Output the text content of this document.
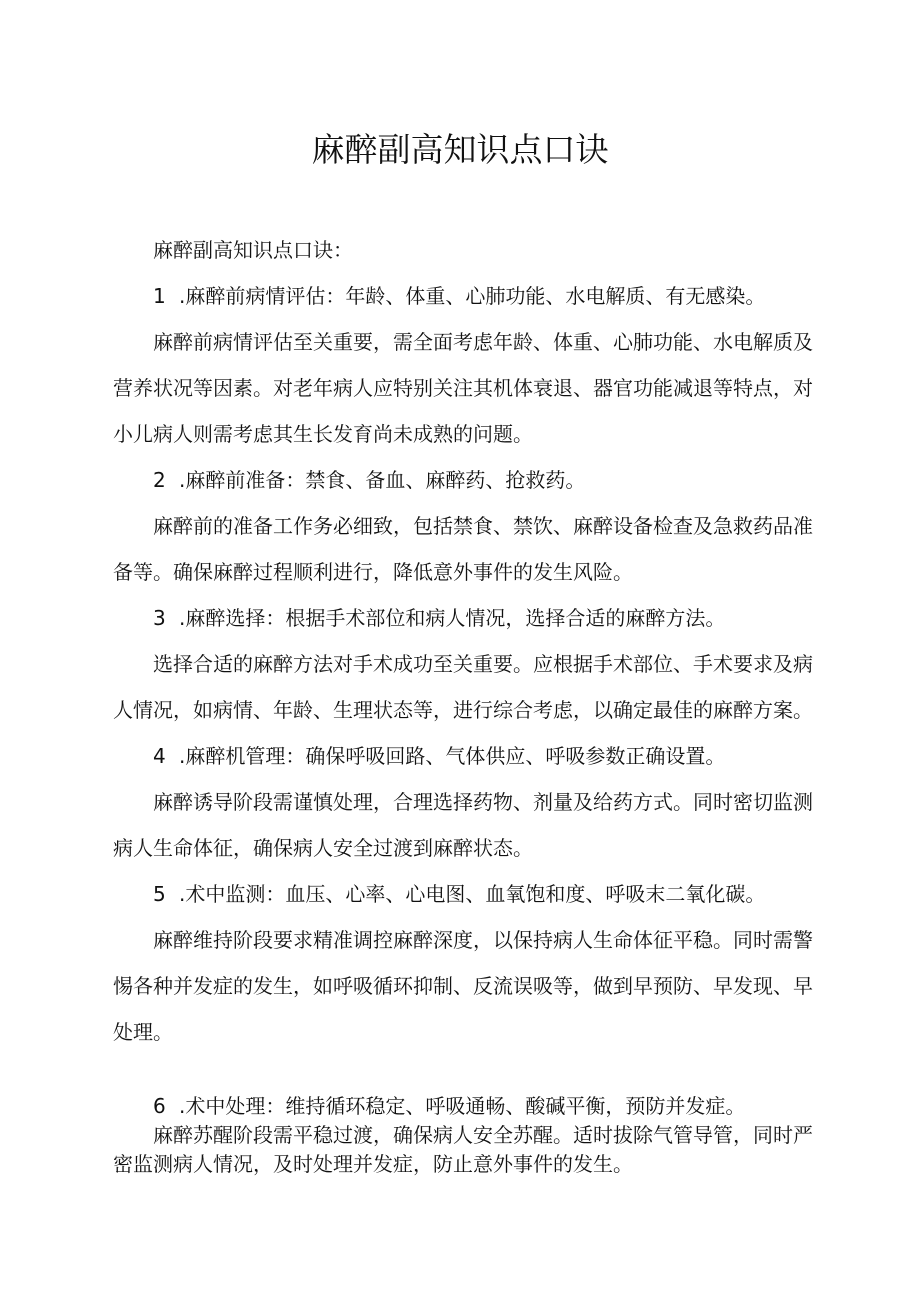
麻醉副高知识点口诀

麻醉副高知识点口诀：

1 .麻醉前病情评估：年龄、体重、心肺功能、水电解质、有无感染。

麻醉前病情评估至关重要，需全面考虑年龄、体重、心肺功能、水电解质及营养状况等因素。对老年病人应特别关注其机体衰退、器官功能减退等特点，对小儿病人则需考虑其生长发育尚未成熟的问题。

2 .麻醉前准备：禁食、备血、麻醉药、抢救药。

麻醉前的准备工作务必细致，包括禁食、禁饮、麻醉设备检查及急救药品准备等。确保麻醉过程顺利进行，降低意外事件的发生风险。

3 .麻醉选择：根据手术部位和病人情况，选择合适的麻醉方法。

选择合适的麻醉方法对手术成功至关重要。应根据手术部位、手术要求及病人情况，如病情、年龄、生理状态等，进行综合考虑，以确定最佳的麻醉方案。

4 .麻醉机管理：确保呼吸回路、气体供应、呼吸参数正确设置。

麻醉诱导阶段需谨慎处理，合理选择药物、剂量及给药方式。同时密切监测病人生命体征，确保病人安全过渡到麻醉状态。

5 .术中监测：血压、心率、心电图、血氧饱和度、呼吸末二氧化碳。

麻醉维持阶段要求精准调控麻醉深度，以保持病人生命体征平稳。同时需警惕各种并发症的发生，如呼吸循环抑制、反流误吸等，做到早预防、早发现、早处理。

6 .术中处理：维持循环稳定、呼吸通畅、酸碱平衡，预防并发症。

麻醉苏醒阶段需平稳过渡，确保病人安全苏醒。适时拔除气管导管，同时严密监测病人情况，及时处理并发症，防止意外事件的发生。
